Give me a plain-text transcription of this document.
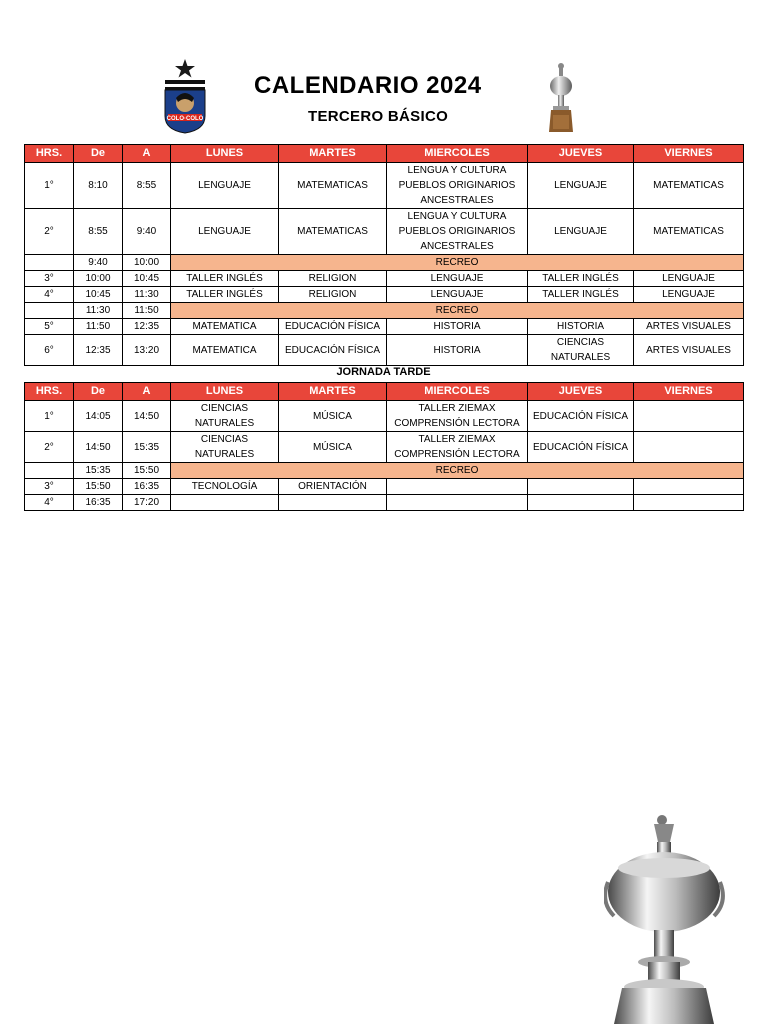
COLO·COLO
CALENDARIO 2024
TERCERO BÁSICO
HRS.	De	A	LUNES	MARTES	MIERCOLES	JUEVES	VIERNES
1°	8:10	8:55	LENGUAJE	MATEMATICAS	LENGUA Y CULTURA PUEBLOS ORIGINARIOS ANCESTRALES	LENGUAJE	MATEMATICAS
2°	8:55	9:40	LENGUAJE	MATEMATICAS	LENGUA Y CULTURA PUEBLOS ORIGINARIOS ANCESTRALES	LENGUAJE	MATEMATICAS
	9:40	10:00	RECREO				
3°	10:00	10:45	TALLER INGLÉS	RELIGION	LENGUAJE	TALLER INGLÉS	LENGUAJE
4°	10:45	11:30	TALLER INGLÉS	RELIGION	LENGUAJE	TALLER INGLÉS	LENGUAJE
	11:30	11:50	RECREO				
5°	11:50	12:35	MATEMATICA	EDUCACIÓN FÍSICA	HISTORIA	HISTORIA	ARTES VISUALES
6°	12:35	13:20	MATEMATICA	EDUCACIÓN FÍSICA	HISTORIA	CIENCIAS NATURALES	ARTES VISUALES
JORNADA TARDE
HRS.	De	A	LUNES	MARTES	MIERCOLES	JUEVES	VIERNES
1°	14:05	14:50	CIENCIAS NATURALES	MÚSICA	TALLER ZIEMAX COMPRENSIÓN LECTORA	EDUCACIÓN FÍSICA	
2°	14:50	15:35	CIENCIAS NATURALES	MÚSICA	TALLER ZIEMAX COMPRENSIÓN LECTORA	EDUCACIÓN FÍSICA	
	15:35	15:50	RECREO				
3°	15:50	16:35	TECNOLOGÍA	ORIENTACIÓN			
4°	16:35	17:20					
